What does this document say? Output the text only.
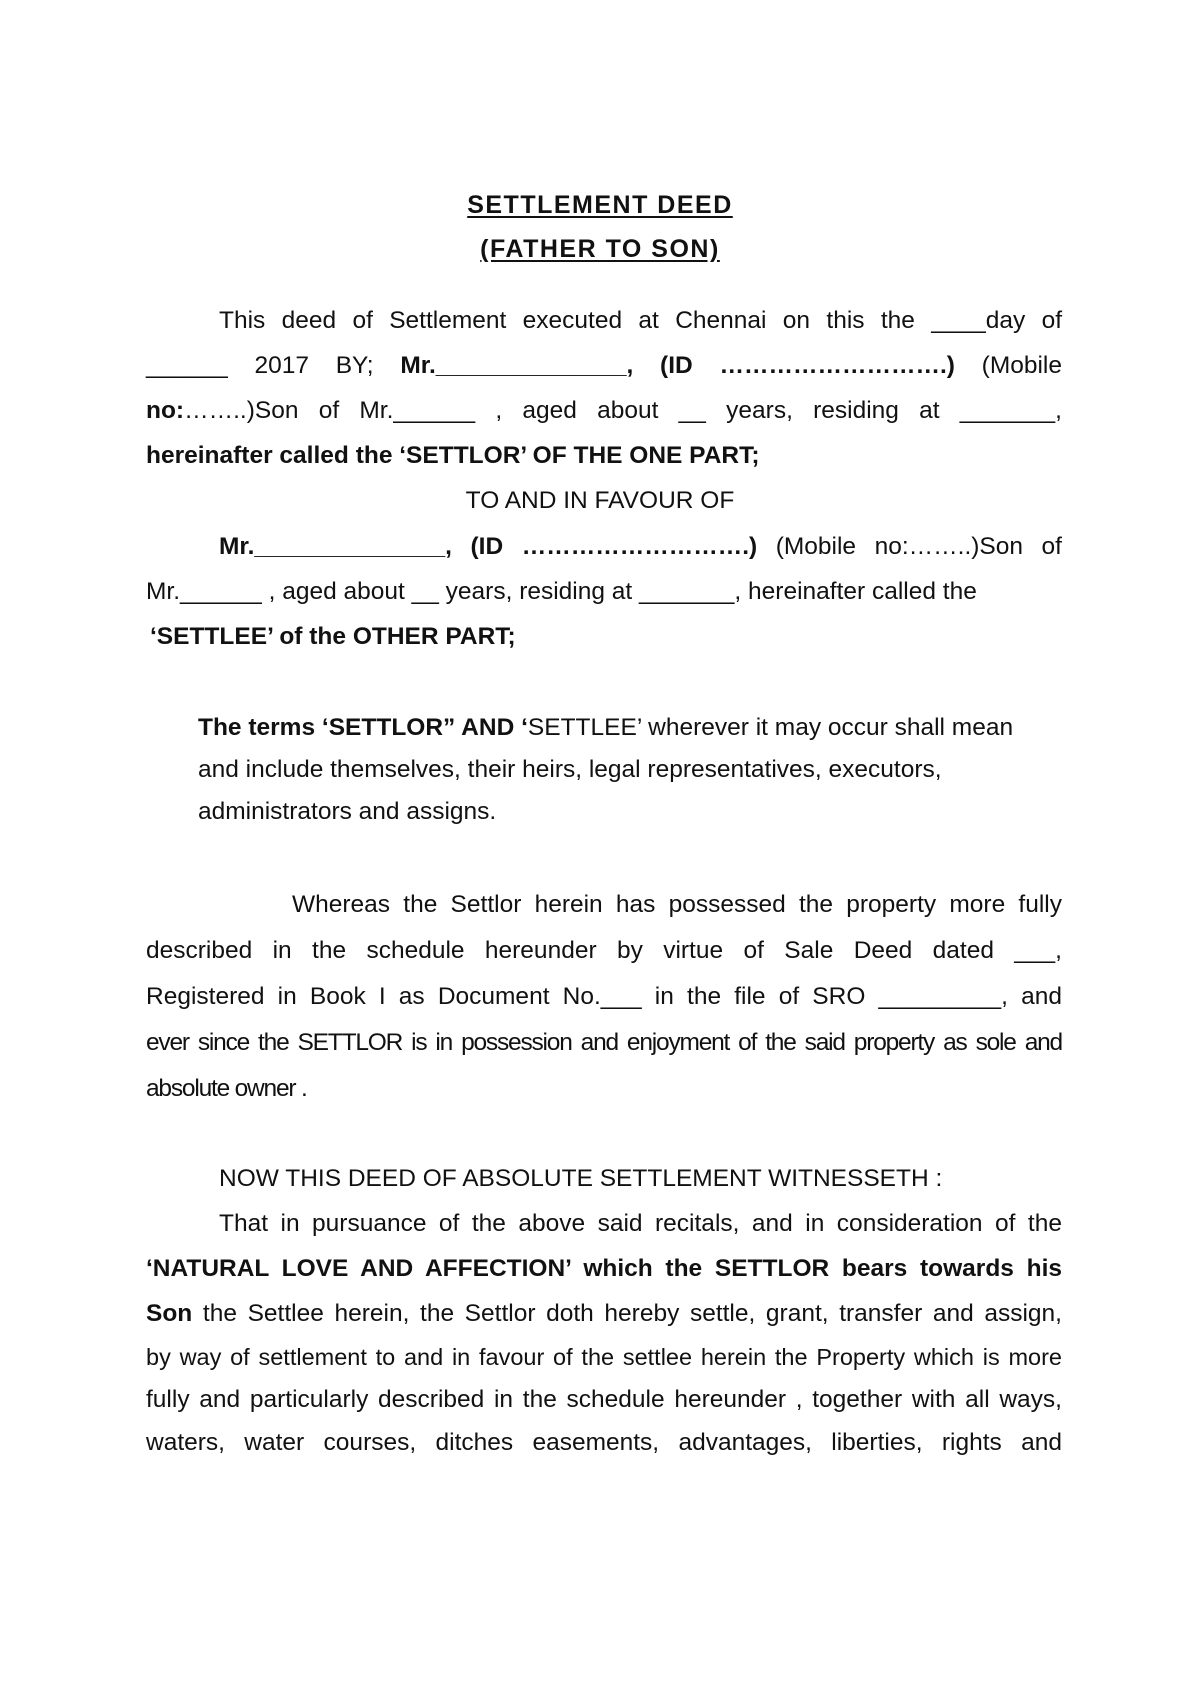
SETTLEMENT DEED
(FATHER TO SON)
This deed of Settlement executed at Chennai on this the ____day of
______ 2017 BY; Mr.______________, (ID ……………………….) (Mobile
no:……..)Son of Mr.______ , aged about __ years, residing at _______,
hereinafter called the ‘SETTLOR’ OF THE ONE PART;
TO AND IN FAVOUR OF
Mr.______________, (ID ……………………….) (Mobile no:……..)Son of
Mr.______ , aged about __ years, residing at _______, hereinafter called the
‘SETTLEE’ of the OTHER PART;
The terms ‘SETTLOR” AND ‘SETTLEE’ wherever it may occur shall mean
and include themselves, their heirs, legal representatives, executors,
administrators and assigns.
Whereas the Settlor herein has possessed the property more fully
described in the schedule hereunder by virtue of Sale Deed dated ___,
Registered in Book I as Document No.___ in the file of SRO _________, and
ever since the SETTLOR is in possession and enjoyment of the said property as sole and
absolute owner .
NOW THIS DEED OF ABSOLUTE SETTLEMENT WITNESSETH :
That in pursuance of the above said recitals, and in consideration of the
‘NATURAL LOVE AND AFFECTION’ which the SETTLOR bears towards his
Son the Settlee herein, the Settlor doth hereby settle, grant, transfer and assign,
by way of settlement to and in favour of the settlee herein the Property which is more
fully and particularly described in the schedule hereunder , together with all ways,
waters, water courses, ditches easements, advantages, liberties, rights and
